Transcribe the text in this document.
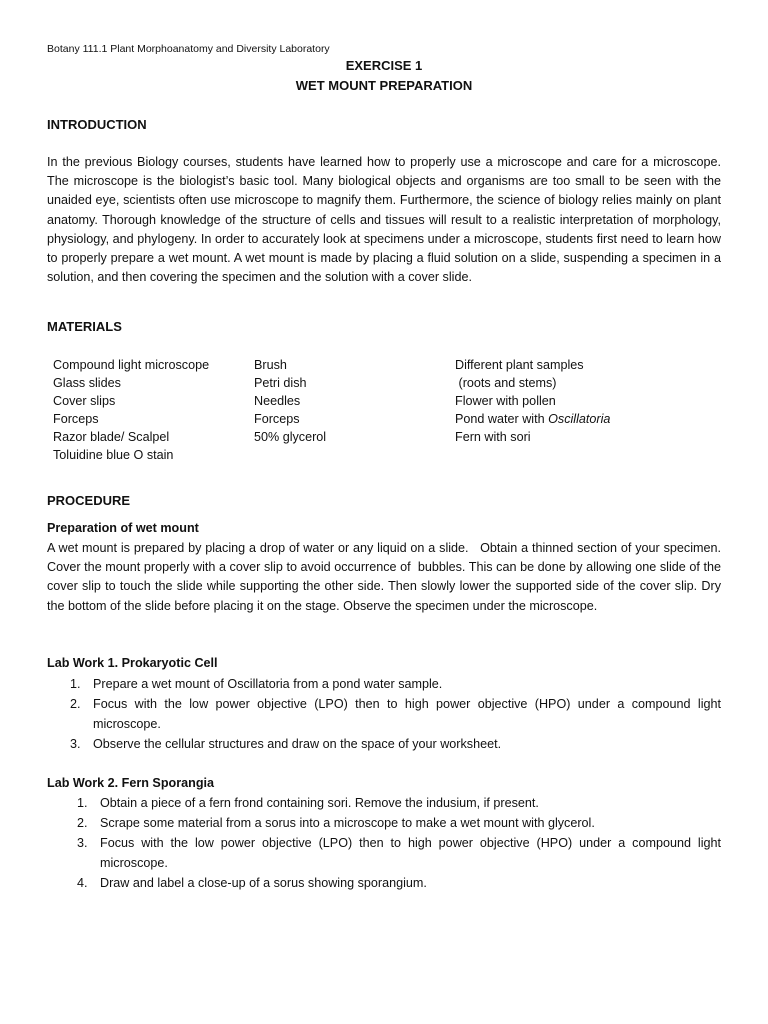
Botany 111.1 Plant Morphoanatomy and Diversity Laboratory
EXERCISE 1
WET MOUNT PREPARATION
INTRODUCTION

In the previous Biology courses, students have learned how to properly use a microscope and care for a microscope. The microscope is the biologist’s basic tool. Many biological objects and organisms are too small to be seen with the unaided eye, scientists often use microscope to magnify them. Furthermore, the science of biology relies mainly on plant anatomy. Thorough knowledge of the structure of cells and tissues will result to a realistic interpretation of morphology, physiology, and phylogeny. In order to accurately look at specimens under a microscope, students first need to learn how to properly prepare a wet mount. A wet mount is made by placing a fluid solution on a slide, suspending a specimen in a solution, and then covering the specimen and the solution with a cover slide.

MATERIALS
Compound light microscope
Glass slides
Cover slips
Forceps
Razor blade/ Scalpel
Toluidine blue O stain
Brush
Petri dish
Needles
Forceps
50% glycerol
Different plant samples
(roots and stems)
Flower with pollen
Pond water with Oscillatoria
Fern with sori
PROCEDURE
Preparation of wet mount

A wet mount is prepared by placing a drop of water or any liquid on a slide.   Obtain a thinned section of your specimen. Cover the mount properly with a cover slip to avoid occurrence of  bubbles. This can be done by allowing one slide of the cover slip to touch the slide while supporting the other side. Then slowly lower the supported side of the cover slip. Dry the bottom of the slide before placing it on the stage. Observe the specimen under the microscope.

Lab Work 1. Prokaryotic Cell
1. Prepare a wet mount of Oscillatoria from a pond water sample.
2. Focus with the low power objective (LPO) then to high power objective (HPO) under a compound light microscope.
3. Observe the cellular structures and draw on the space of your worksheet.
Lab Work 2. Fern Sporangia
1. Obtain a piece of a fern frond containing sori. Remove the indusium, if present.
2. Scrape some material from a sorus into a microscope to make a wet mount with glycerol.
3. Focus with the low power objective (LPO) then to high power objective (HPO) under a compound light microscope.
4. Draw and label a close-up of a sorus showing sporangium.
